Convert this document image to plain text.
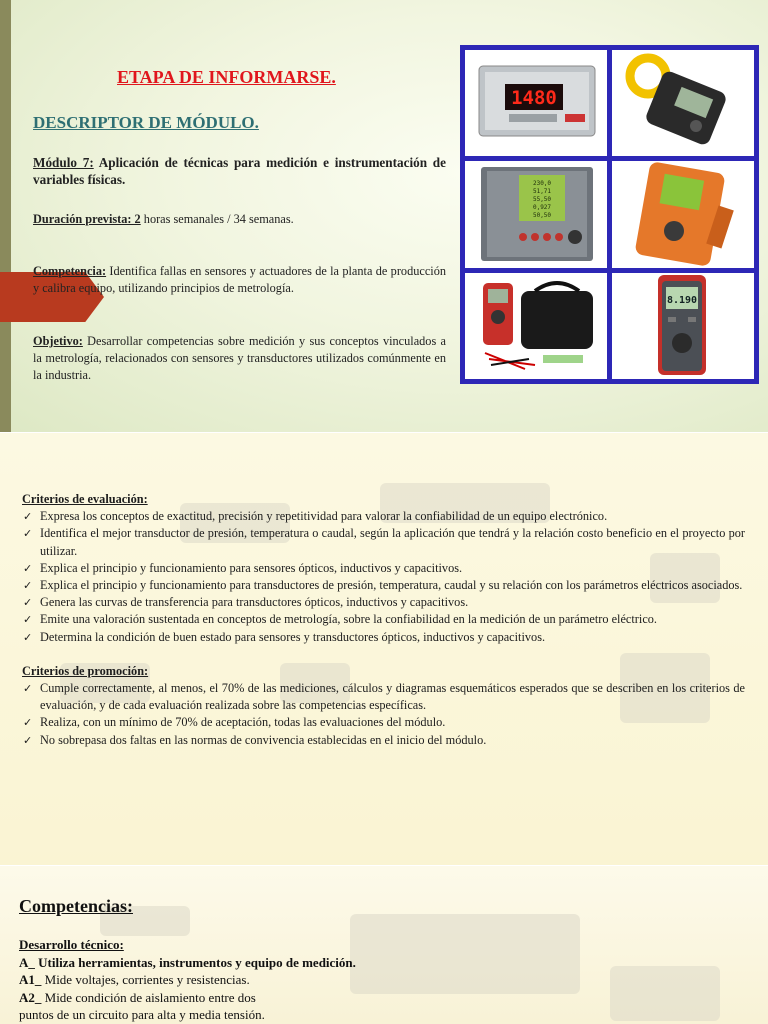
ETAPA DE INFORMARSE.
DESCRIPTOR DE MÓDULO.

Módulo 7: Aplicación de técnicas para medición e instrumentación de variables físicas.

Duración prevista: 2 horas semanales / 34 semanas.

Competencia: Identifica fallas en sensores y actuadores de la planta de producción y calibra equipo, utilizando principios de metrología.

Objetivo: Desarrollar competencias sobre medición y sus conceptos vinculados a la metrología, relacionados con sensores y transductores utilizados comúnmente en la industria.

1480
230,0
51,71
55,50
0,927
50,50
8.190
Criterios de evaluación:
✓ Expresa los conceptos de exactitud, precisión y repetitividad para valorar la confiabilidad de un equipo electrónico.
✓ Identifica el mejor transductor de presión, temperatura o caudal, según la aplicación que tendrá y la relación costo beneficio en el proyecto por utilizar.
✓ Explica el principio y funcionamiento para sensores ópticos, inductivos y capacitivos.
✓ Explica el principio y funcionamiento para transductores de presión, temperatura, caudal y su relación con los parámetros eléctricos asociados.
✓ Genera las curvas de transferencia para transductores ópticos, inductivos y capacitivos.
✓ Emite una valoración sustentada en conceptos de metrología, sobre la confiabilidad en la medición de un parámetro eléctrico.
✓ Determina la condición de buen estado para sensores y transductores ópticos, inductivos y capacitivos.
Criterios de promoción:
✓ Cumple correctamente, al menos, el 70% de las mediciones, cálculos y diagramas esquemáticos esperados que se describen en los criterios de evaluación, y de cada evaluación realizada sobre las competencias específicas.
✓ Realiza, con un mínimo de 70% de aceptación, todas las evaluaciones del módulo.
✓ No sobrepasa dos faltas en las normas de convivencia establecidas en el inicio del módulo.
Competencias:
Desarrollo técnico:
A_ Utiliza herramientas, instrumentos y equipo de medición.
A1_ Mide voltajes, corrientes y resistencias.
A2_ Mide condición de aislamiento entre dos
puntos de un circuito para alta y media tensión.
